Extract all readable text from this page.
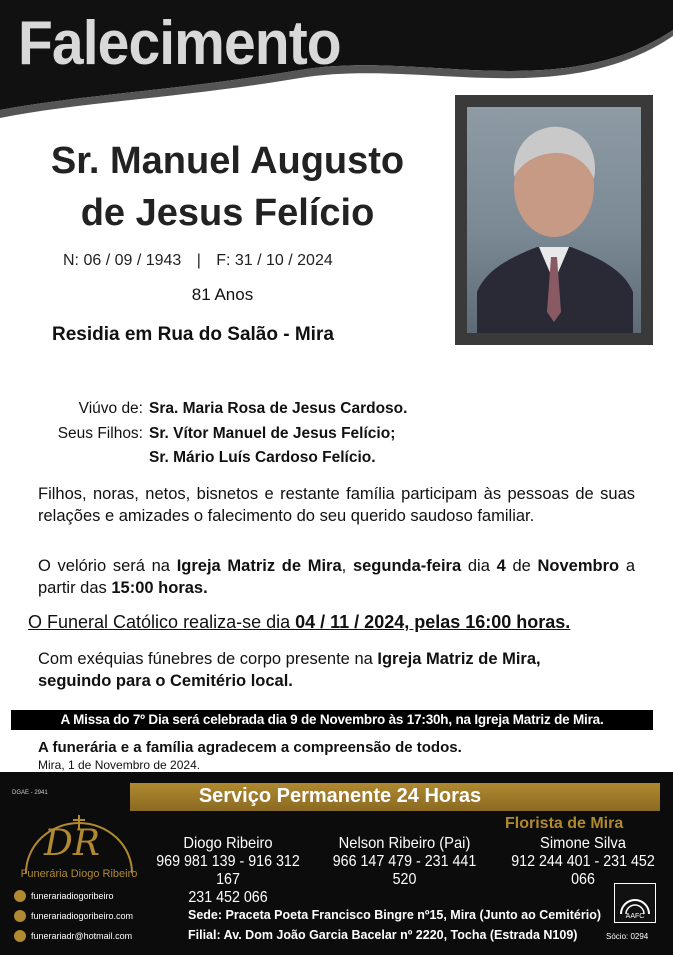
Falecimento
Sr. Manuel Augusto
de Jesus Felício
N: 06 / 09 / 1943 | F: 31 / 10 / 2024
81 Anos
Residia em Rua do Salão - Mira
Viúvo de: Sra. Maria Rosa de Jesus Cardoso.
Seus Filhos: Sr. Vítor Manuel de Jesus Felício;
Sr. Mário Luís Cardoso Felício.
Filhos, noras, netos, bisnetos e restante família participam às pessoas de suas relações e amizades o falecimento do seu querido saudoso familiar.
O velório será na Igreja Matriz de Mira, segunda-feira dia 4 de Novembro a partir das 15:00 horas.
O Funeral Católico realiza-se dia 04 / 11 / 2024, pelas 16:00 horas.
Com exéquias fúnebres de corpo presente na Igreja Matriz de Mira,
seguindo para o Cemitério local.
A Missa do 7º Dia será celebrada dia 9 de Novembro às 17:30h, na Igreja Matriz de Mira.
A funerária e a família agradecem a compreensão de todos.
Mira, 1 de Novembro de 2024.
DGAE - 2941	Serviço Permanente 24 Horas
DR
Funerária Diogo Ribeiro
Florista de Mira
Diogo Ribeiro
969 981 139 - 916 312 167
231 452 066
Nelson Ribeiro (Pai)
966 147 479 - 231 441 520
Simone Silva
912 244 401 - 231 452 066
funerariadiogoribeiro
funerariadiogoribeiro.com
funerariadr@hotmail.com
Sede: Praceta Poeta Francisco Bingre nº15, Mira (Junto ao Cemitério)
Filial: Av. Dom João Garcia Bacelar nº 2220, Tocha (Estrada N109)
AAFC
Sócio: 0294
